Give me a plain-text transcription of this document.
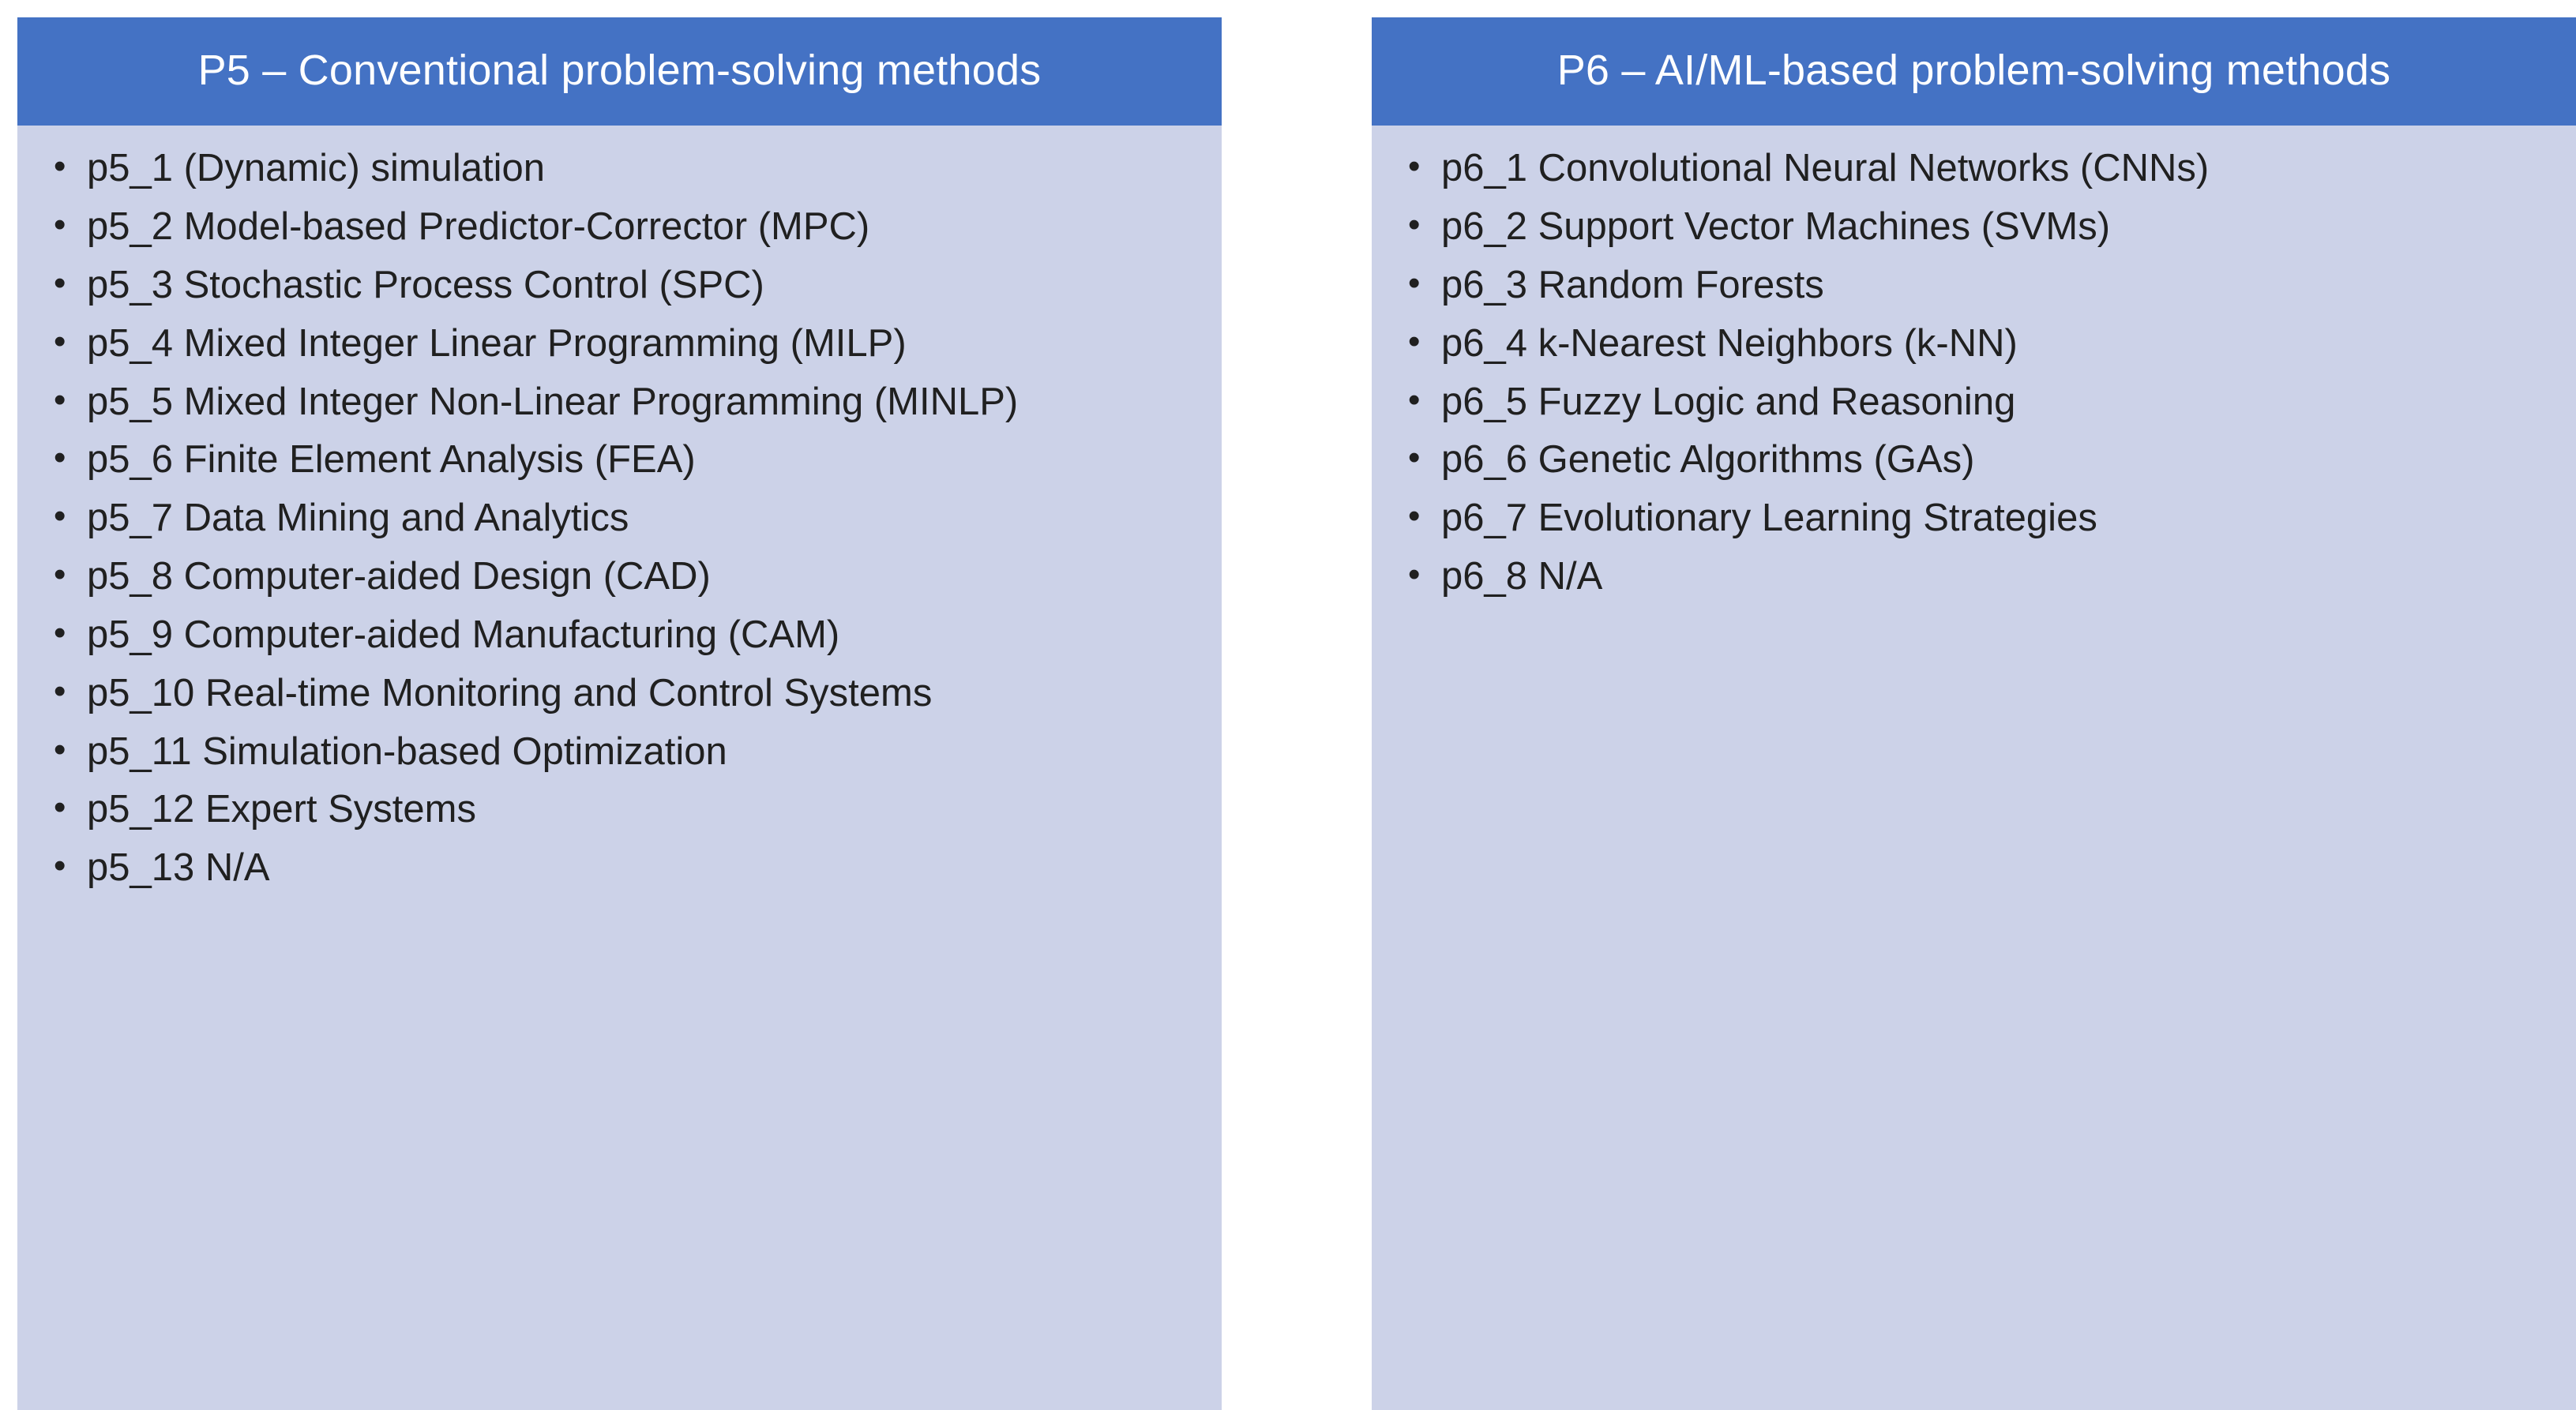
P5 – Conventional problem-solving methods
• p5_1 (Dynamic) simulation
• p5_2 Model-based Predictor-Corrector (MPC)
• p5_3 Stochastic Process Control (SPC)
• p5_4 Mixed Integer Linear Programming (MILP)
• p5_5 Mixed Integer Non-Linear Programming (MINLP)
• p5_6 Finite Element Analysis (FEA)
• p5_7 Data Mining and Analytics
• p5_8 Computer-aided Design (CAD)
• p5_9 Computer-aided Manufacturing (CAM)
• p5_10 Real-time Monitoring and Control Systems
• p5_11 Simulation-based Optimization
• p5_12 Expert Systems
• p5_13 N/A
P6 – AI/ML-based problem-solving methods
• p6_1 Convolutional Neural Networks (CNNs)
• p6_2 Support Vector Machines (SVMs)
• p6_3 Random Forests
• p6_4 k-Nearest Neighbors (k-NN)
• p6_5 Fuzzy Logic and Reasoning
• p6_6 Genetic Algorithms (GAs)
• p6_7 Evolutionary Learning Strategies
• p6_8 N/A
